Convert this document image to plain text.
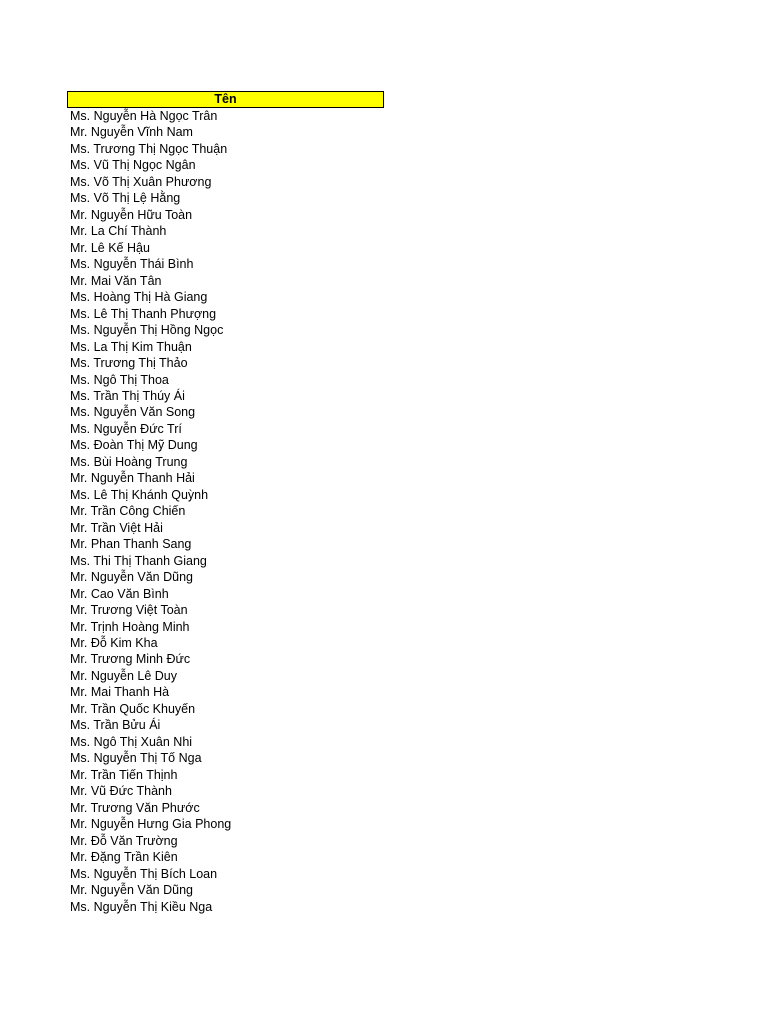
Tên
Ms. Nguyễn Hà Ngọc Trân
Mr. Nguyễn Vĩnh Nam
Ms. Trương Thị Ngọc Thuận
Ms. Vũ Thị Ngọc Ngân
Ms. Võ Thị Xuân Phương
Ms. Võ Thị Lệ Hằng
Mr. Nguyễn Hữu Toàn
Mr. La Chí Thành
Mr. Lê Kế Hậu
Ms. Nguyễn Thái Bình
Mr. Mai Văn Tân
Ms. Hoàng Thị Hà Giang
Ms. Lê Thị Thanh Phượng
Ms. Nguyễn Thị Hồng Ngọc
Ms. La Thị Kim Thuận
Ms. Trương Thị Thảo
Ms. Ngô Thị Thoa
Ms. Trần Thị Thúy Ái
Ms. Nguyễn Văn Song
Ms. Nguyễn Đức Trí
Ms. Đoàn Thị Mỹ Dung
Ms. Bùi Hoàng Trung
Mr. Nguyễn Thanh Hải
Ms. Lê Thị Khánh Quỳnh
Mr. Trần Công Chiến
Mr. Trần Việt Hải
Mr. Phan Thanh Sang
Ms. Thi Thị Thanh Giang
Mr. Nguyễn Văn Dũng
Mr. Cao Văn Bình
Mr. Trương Việt Toàn
Mr. Trịnh Hoàng Minh
Mr. Đỗ Kim Kha
Mr. Trương Minh Đức
Mr. Nguyễn Lê Duy
Mr. Mai Thanh Hà
Mr. Trần Quốc Khuyến
Ms. Trần Bửu Ái
Ms. Ngô Thị Xuân Nhi
Ms. Nguyễn Thị Tố Nga
Mr. Trần Tiến Thịnh
Mr. Vũ Đức Thành
Mr. Trương Văn Phước
Mr. Nguyễn Hưng Gia Phong
Mr. Đỗ Văn Trường
Mr. Đặng Trần Kiên
Ms. Nguyễn Thị Bích Loan
Mr. Nguyễn Văn Dũng
Ms. Nguyễn Thị Kiều Nga
